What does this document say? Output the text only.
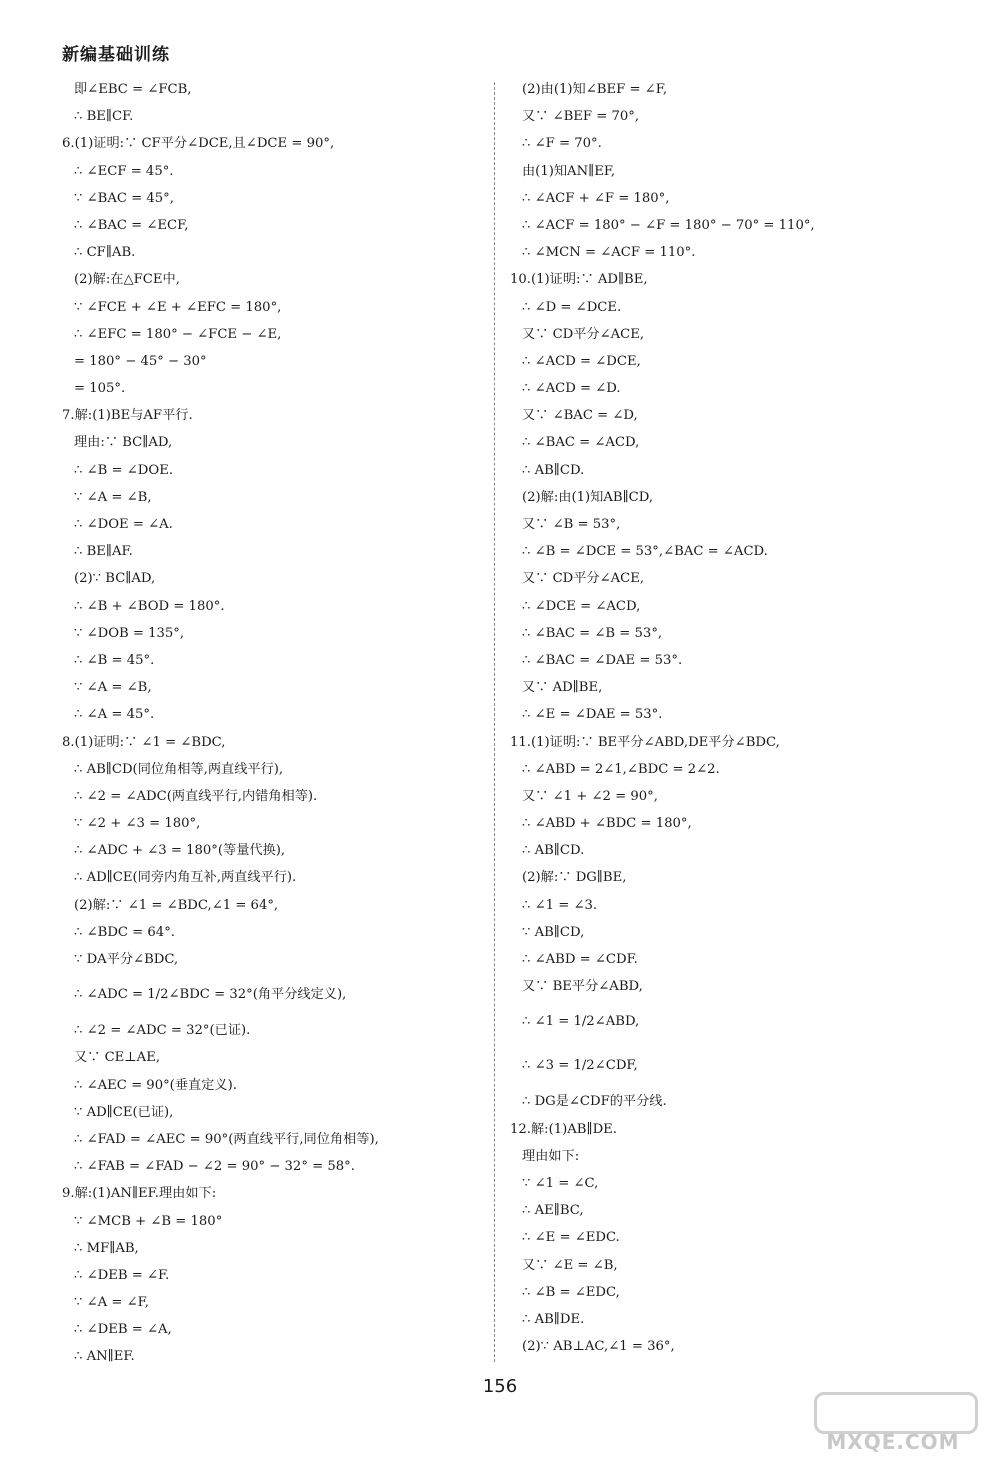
新编基础训练
即∠EBC = ∠FCB,
∴ BE∥CF.
6.(1)证明:∵ CF平分∠DCE,且∠DCE = 90°,
∴ ∠ECF = 45°.
∵ ∠BAC = 45°,
∴ ∠BAC = ∠ECF,
∴ CF∥AB.
(2)解:在△FCE中,
∵ ∠FCE + ∠E + ∠EFC = 180°,
∴ ∠EFC = 180° − ∠FCE − ∠E,
= 180° − 45° − 30°
= 105°.
7.解:(1)BE与AF平行.
理由:∵ BC∥AD,
∴ ∠B = ∠DOE.
∵ ∠A = ∠B,
∴ ∠DOE = ∠A.
∴ BE∥AF.
(2)∵ BC∥AD,
∴ ∠B + ∠BOD = 180°.
∵ ∠DOB = 135°,
∴ ∠B = 45°.
∵ ∠A = ∠B,
∴ ∠A = 45°.
8.(1)证明:∵ ∠1 = ∠BDC,
∴ AB∥CD(同位角相等,两直线平行),
∴ ∠2 = ∠ADC(两直线平行,内错角相等).
∵ ∠2 + ∠3 = 180°,
∴ ∠ADC + ∠3 = 180°(等量代换),
∴ AD∥CE(同旁内角互补,两直线平行).
(2)解:∵ ∠1 = ∠BDC,∠1 = 64°,
∴ ∠BDC = 64°.
∵ DA平分∠BDC,
∴ ∠ADC = 1/2∠BDC = 32°(角平分线定义),
∴ ∠2 = ∠ADC = 32°(已证).
又∵ CE⊥AE,
∴ ∠AEC = 90°(垂直定义).
∵ AD∥CE(已证),
∴ ∠FAD = ∠AEC = 90°(两直线平行,同位角相等),
∴ ∠FAB = ∠FAD − ∠2 = 90° − 32° = 58°.
9.解:(1)AN∥EF.理由如下:
∵ ∠MCB + ∠B = 180°
∴ MF∥AB,
∴ ∠DEB = ∠F.
∵ ∠A = ∠F,
∴ ∠DEB = ∠A,
∴ AN∥EF.
(2)由(1)知∠BEF = ∠F,
又∵ ∠BEF = 70°,
∴ ∠F = 70°.
由(1)知AN∥EF,
∴ ∠ACF + ∠F = 180°,
∴ ∠ACF = 180° − ∠F = 180° − 70° = 110°,
∴ ∠MCN = ∠ACF = 110°.
10.(1)证明:∵ AD∥BE,
∴ ∠D = ∠DCE.
又∵ CD平分∠ACE,
∴ ∠ACD = ∠DCE,
∴ ∠ACD = ∠D.
又∵ ∠BAC = ∠D,
∴ ∠BAC = ∠ACD,
∴ AB∥CD.
(2)解:由(1)知AB∥CD,
又∵ ∠B = 53°,
∴ ∠B = ∠DCE = 53°,∠BAC = ∠ACD.
又∵ CD平分∠ACE,
∴ ∠DCE = ∠ACD,
∴ ∠BAC = ∠B = 53°,
∴ ∠BAC = ∠DAE = 53°.
又∵ AD∥BE,
∴ ∠E = ∠DAE = 53°.
11.(1)证明:∵ BE平分∠ABD,DE平分∠BDC,
∴ ∠ABD = 2∠1,∠BDC = 2∠2.
又∵ ∠1 + ∠2 = 90°,
∴ ∠ABD + ∠BDC = 180°,
∴ AB∥CD.
(2)解:∵ DG∥BE,
∴ ∠1 = ∠3.
∵ AB∥CD,
∴ ∠ABD = ∠CDF.
又∵ BE平分∠ABD,
∴ ∠1 = 1/2∠ABD,
∴ ∠3 = 1/2∠CDF,
∴ DG是∠CDF的平分线.
12.解:(1)AB∥DE.
理由如下:
∵ ∠1 = ∠C,
∴ AE∥BC,
∴ ∠E = ∠EDC.
又∵ ∠E = ∠B,
∴ ∠B = ∠EDC,
∴ AB∥DE.
(2)∵ AB⊥AC,∠1 = 36°,
156
MXQE.COM
